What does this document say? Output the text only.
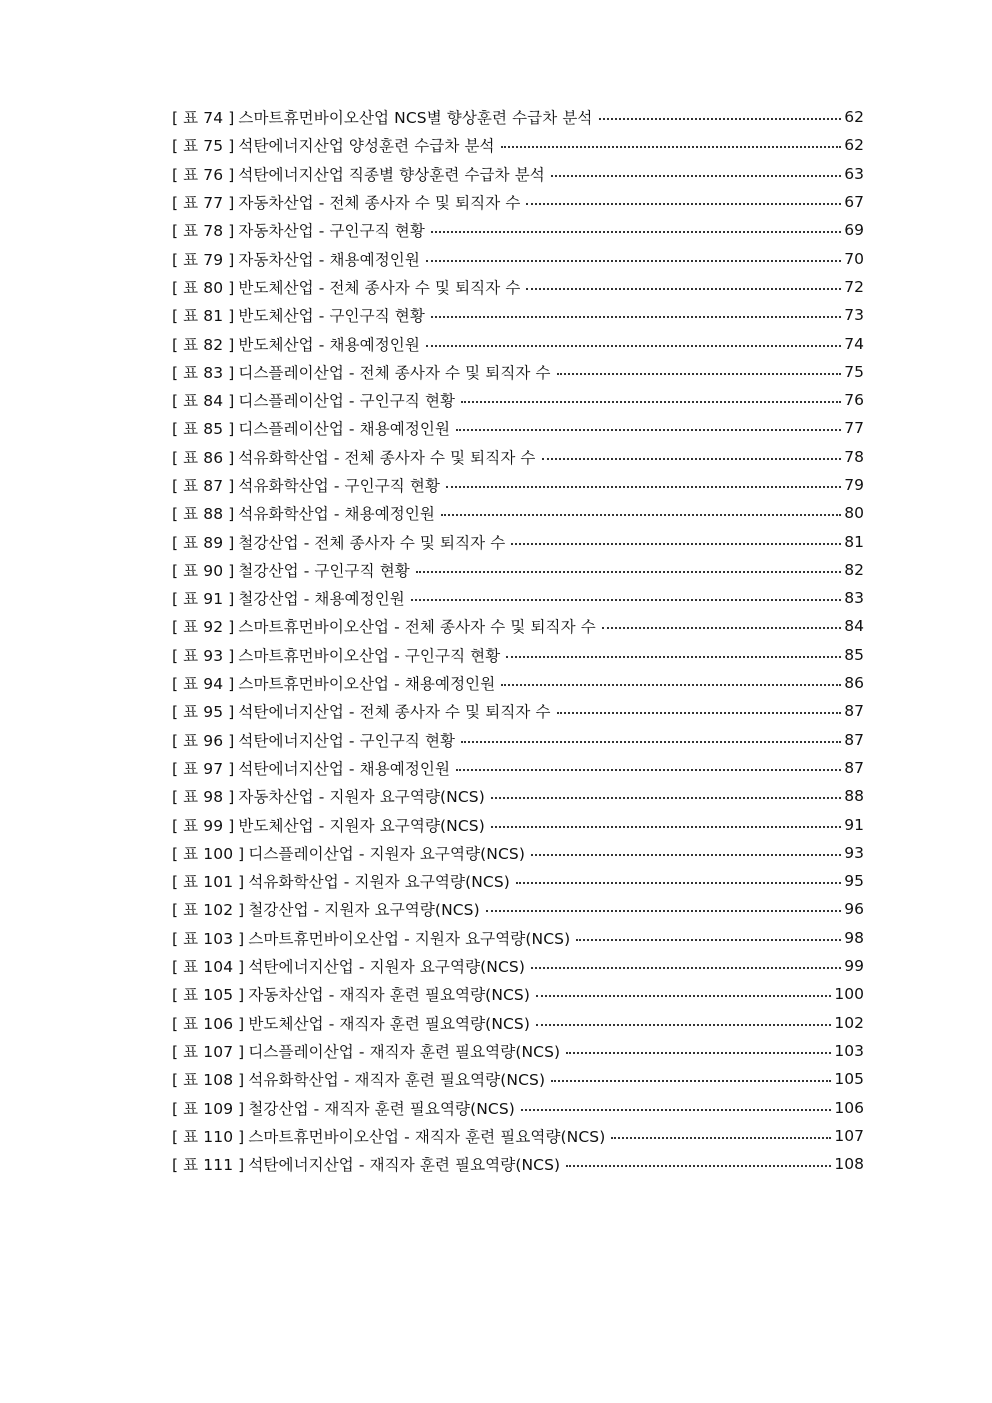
[ 표 74 ] 스마트휴먼바이오산업 NCS별 향상훈련 수급차 분석	62
[ 표 75 ] 석탄에너지산업 양성훈련 수급차 분석	62
[ 표 76 ] 석탄에너지산업 직종별 향상훈련 수급차 분석	63
[ 표 77 ] 자동차산업 - 전체 종사자 수 및 퇴직자 수	67
[ 표 78 ] 자동차산업 - 구인구직 현황	69
[ 표 79 ] 자동차산업 - 채용예정인원	70
[ 표 80 ] 반도체산업 - 전체 종사자 수 및 퇴직자 수	72
[ 표 81 ] 반도체산업 - 구인구직 현황	73
[ 표 82 ] 반도체산업 - 채용예정인원	74
[ 표 83 ] 디스플레이산업 - 전체 종사자 수 및 퇴직자 수	75
[ 표 84 ] 디스플레이산업 - 구인구직 현황	76
[ 표 85 ] 디스플레이산업 - 채용예정인원	77
[ 표 86 ] 석유화학산업 - 전체 종사자 수 및 퇴직자 수	78
[ 표 87 ] 석유화학산업 - 구인구직 현황	79
[ 표 88 ] 석유화학산업 - 채용예정인원	80
[ 표 89 ] 철강산업 - 전체 종사자 수 및 퇴직자 수	81
[ 표 90 ] 철강산업 - 구인구직 현황	82
[ 표 91 ] 철강산업 - 채용예정인원	83
[ 표 92 ] 스마트휴먼바이오산업 - 전체 종사자 수 및 퇴직자 수	84
[ 표 93 ] 스마트휴먼바이오산업 - 구인구직 현황	85
[ 표 94 ] 스마트휴먼바이오산업 - 채용예정인원	86
[ 표 95 ] 석탄에너지산업 - 전체 종사자 수 및 퇴직자 수	87
[ 표 96 ] 석탄에너지산업 - 구인구직 현황	87
[ 표 97 ] 석탄에너지산업 - 채용예정인원	87
[ 표 98 ] 자동차산업 - 지원자 요구역량(NCS)	88
[ 표 99 ] 반도체산업 - 지원자 요구역량(NCS)	91
[ 표 100 ] 디스플레이산업 - 지원자 요구역량(NCS)	93
[ 표 101 ] 석유화학산업 - 지원자 요구역량(NCS)	95
[ 표 102 ] 철강산업 - 지원자 요구역량(NCS)	96
[ 표 103 ] 스마트휴먼바이오산업 - 지원자 요구역량(NCS)	98
[ 표 104 ] 석탄에너지산업 - 지원자 요구역량(NCS)	99
[ 표 105 ] 자동차산업 - 재직자 훈련 필요역량(NCS)	100
[ 표 106 ] 반도체산업 - 재직자 훈련 필요역량(NCS)	102
[ 표 107 ] 디스플레이산업 - 재직자 훈련 필요역량(NCS)	103
[ 표 108 ] 석유화학산업 - 재직자 훈련 필요역량(NCS)	105
[ 표 109 ] 철강산업 - 재직자 훈련 필요역량(NCS)	106
[ 표 110 ] 스마트휴먼바이오산업 - 재직자 훈련 필요역량(NCS)	107
[ 표 111 ] 석탄에너지산업 - 재직자 훈련 필요역량(NCS)	108
